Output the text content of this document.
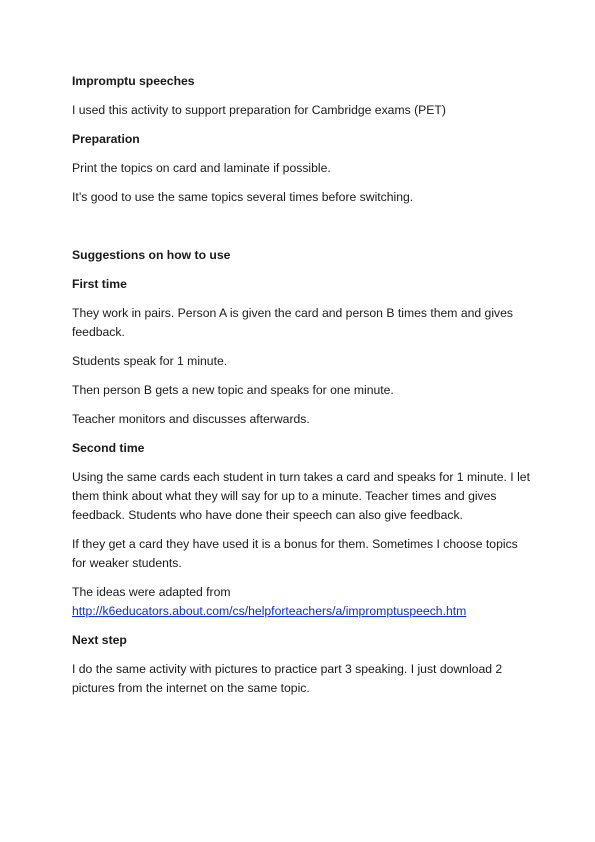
Impromptu speeches
I used this activity to support preparation for Cambridge exams (PET)
Preparation
Print the topics on card and laminate if possible.
It’s good to use the same topics several times before switching.
Suggestions on how to use
First time
They work in pairs. Person A is given the card and person B times them and gives feedback.
Students speak for 1 minute.
Then person B gets a new topic and speaks for one minute.
Teacher monitors and discusses afterwards.
Second time
Using the same cards each student in turn takes a card and speaks for 1 minute. I let them think about what they will say for up to a minute. Teacher times and gives feedback. Students who have done their speech can also give feedback.
If they get a card they have used it is a bonus for them. Sometimes I choose topics for weaker students.
The ideas were adapted from
http://k6educators.about.com/cs/helpforteachers/a/impromptuspeech.htm
Next step
I do the same activity with pictures to practice part 3 speaking. I just download 2 pictures from the internet on the same topic.
